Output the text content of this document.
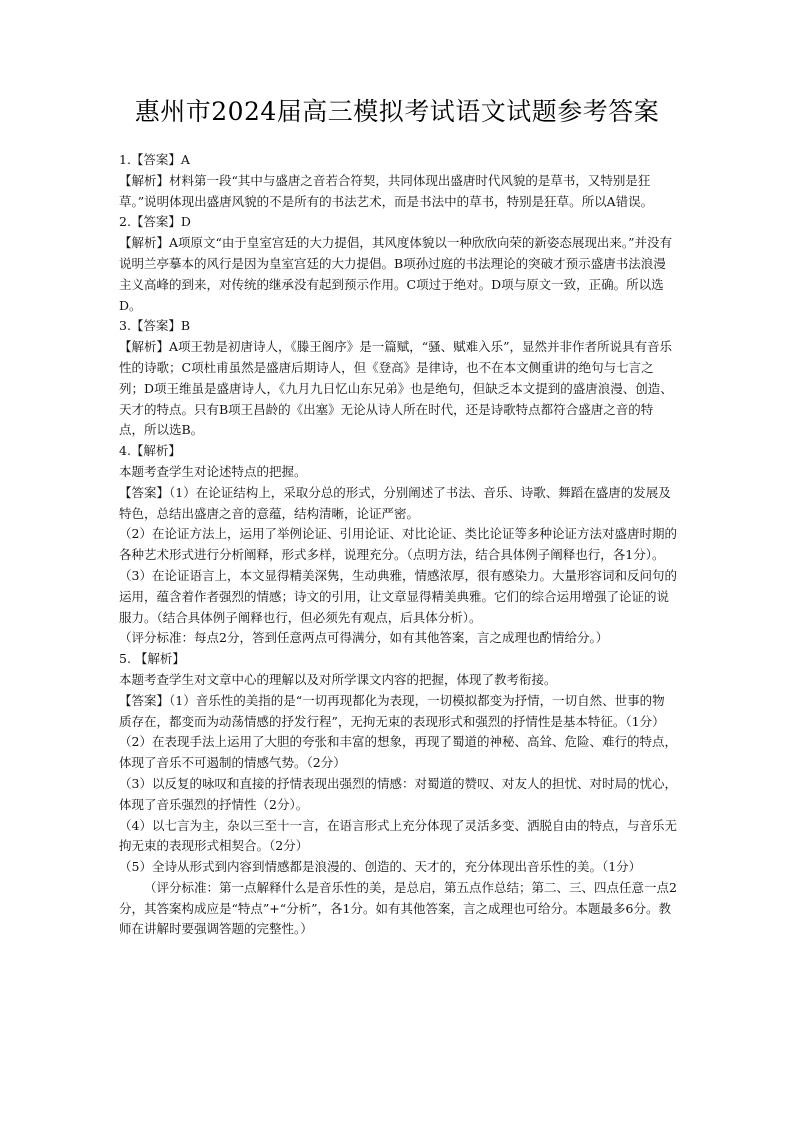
惠州市2024届高三模拟考试语文试题参考答案

1.【答案】A

【解析】材料第一段“其中与盛唐之音若合符契，共同体现出盛唐时代风貌的是草书，又特别是狂草。”说明体现出盛唐风貌的不是所有的书法艺术，而是书法中的草书，特别是狂草。所以A错误。

2.【答案】D

【解析】A项原文“由于皇室宫廷的大力提倡，其风度体貌以一种欣欣向荣的新姿态展现出来。”并没有说明兰亭摹本的风行是因为皇室宫廷的大力提倡。B项孙过庭的书法理论的突破才预示盛唐书法浪漫主义高峰的到来，对传统的继承没有起到预示作用。C项过于绝对。D项与原文一致，正确。所以选D。

3.【答案】B

【解析】A项王勃是初唐诗人，《滕王阁序》是一篇赋，“骚、赋难入乐”，显然并非作者所说具有音乐性的诗歌；C项杜甫虽然是盛唐后期诗人，但《登高》是律诗，也不在本文侧重讲的绝句与七言之列；D项王维虽是盛唐诗人，《九月九日忆山东兄弟》也是绝句，但缺乏本文提到的盛唐浪漫、创造、天才的特点。只有B项王昌龄的《出塞》无论从诗人所在时代，还是诗歌特点都符合盛唐之音的特点，所以选B。

4.【解析】

本题考查学生对论述特点的把握。

【答案】（1）在论证结构上，采取分总的形式，分别阐述了书法、音乐、诗歌、舞蹈在盛唐的发展及特色，总结出盛唐之音的意蕴，结构清晰，论证严密。

（2）在论证方法上，运用了举例论证、引用论证、对比论证、类比论证等多种论证方法对盛唐时期的各种艺术形式进行分析阐释，形式多样，说理充分。（点明方法，结合具体例子阐释也行，各1分）。

（3）在论证语言上，本文显得精美深隽，生动典雅，情感浓厚，很有感染力。大量形容词和反问句的运用，蕴含着作者强烈的情感；诗文的引用，让文章显得精美典雅。它们的综合运用增强了论证的说服力。（结合具体例子阐释也行，但必须先有观点，后具体分析）。

（评分标准：每点2分，答到任意两点可得满分，如有其他答案，言之成理也酌情给分。）

5. 【解析】

本题考查学生对文章中心的理解以及对所学课文内容的把握，体现了教考衔接。

【答案】（1）音乐性的美指的是“一切再现都化为表现，一切模拟都变为抒情，一切自然、世事的物质存在，都变而为动荡情感的抒发行程”，无拘无束的表现形式和强烈的抒情性是基本特征。（1分）

（2）在表现手法上运用了大胆的夸张和丰富的想象，再现了蜀道的神秘、高耸、危险、难行的特点，体现了音乐不可遏制的情感气势。（2分）

（3）以反复的咏叹和直接的抒情表现出强烈的情感：对蜀道的赞叹、对友人的担忧、对时局的忧心，体现了音乐强烈的抒情性（2分）。

（4）以七言为主，杂以三至十一言，在语言形式上充分体现了灵活多变、洒脱自由的特点，与音乐无拘无束的表现形式相契合。（2分）

（5）全诗从形式到内容到情感都是浪漫的、创造的、天才的，充分体现出音乐性的美。（1分）

（评分标准：第一点解释什么是音乐性的美，是总启，第五点作总结；第二、三、四点任意一点2分，其答案构成应是“特点”+“分析”，各1分。如有其他答案，言之成理也可给分。本题最多6分。教师在讲解时要强调答题的完整性。）
